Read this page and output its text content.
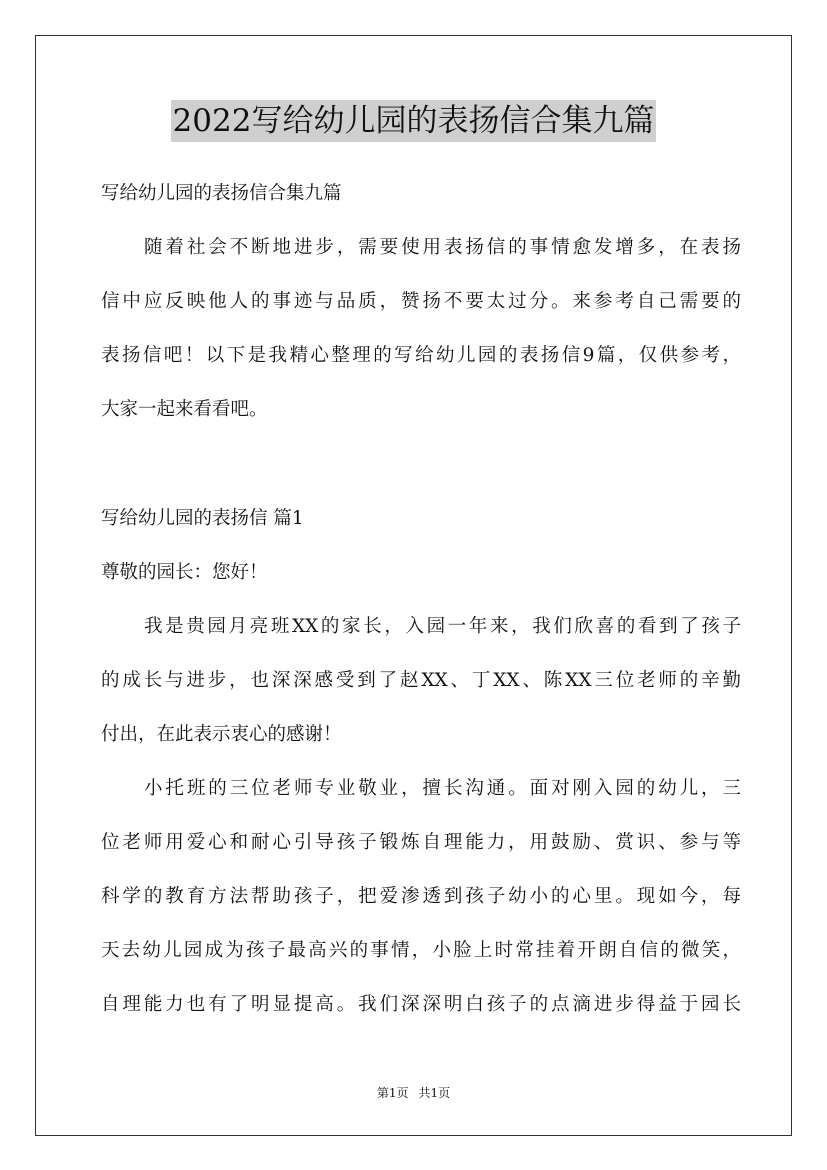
2022写给幼儿园的表扬信合集九篇
写给幼儿园的表扬信合集九篇
随着社会不断地进步，需要使用表扬信的事情愈发增多，在表扬
信中应反映他人的事迹与品质，赞扬不要太过分。来参考自己需要的
表扬信吧！以下是我精心整理的写给幼儿园的表扬信9篇，仅供参考，
大家一起来看看吧。
写给幼儿园的表扬信 篇1
尊敬的园长：您好！
我是贵园月亮班XX的家长，入园一年来，我们欣喜的看到了孩子
的成长与进步，也深深感受到了赵XX、丁XX、陈XX三位老师的辛勤
付出，在此表示衷心的感谢！
小托班的三位老师专业敬业，擅长沟通。面对刚入园的幼儿，三
位老师用爱心和耐心引导孩子锻炼自理能力，用鼓励、赏识、参与等
科学的教育方法帮助孩子，把爱渗透到孩子幼小的心里。现如今，每
天去幼儿园成为孩子最高兴的事情，小脸上时常挂着开朗自信的微笑，
自理能力也有了明显提高。我们深深明白孩子的点滴进步得益于园长
第1页 共1页
